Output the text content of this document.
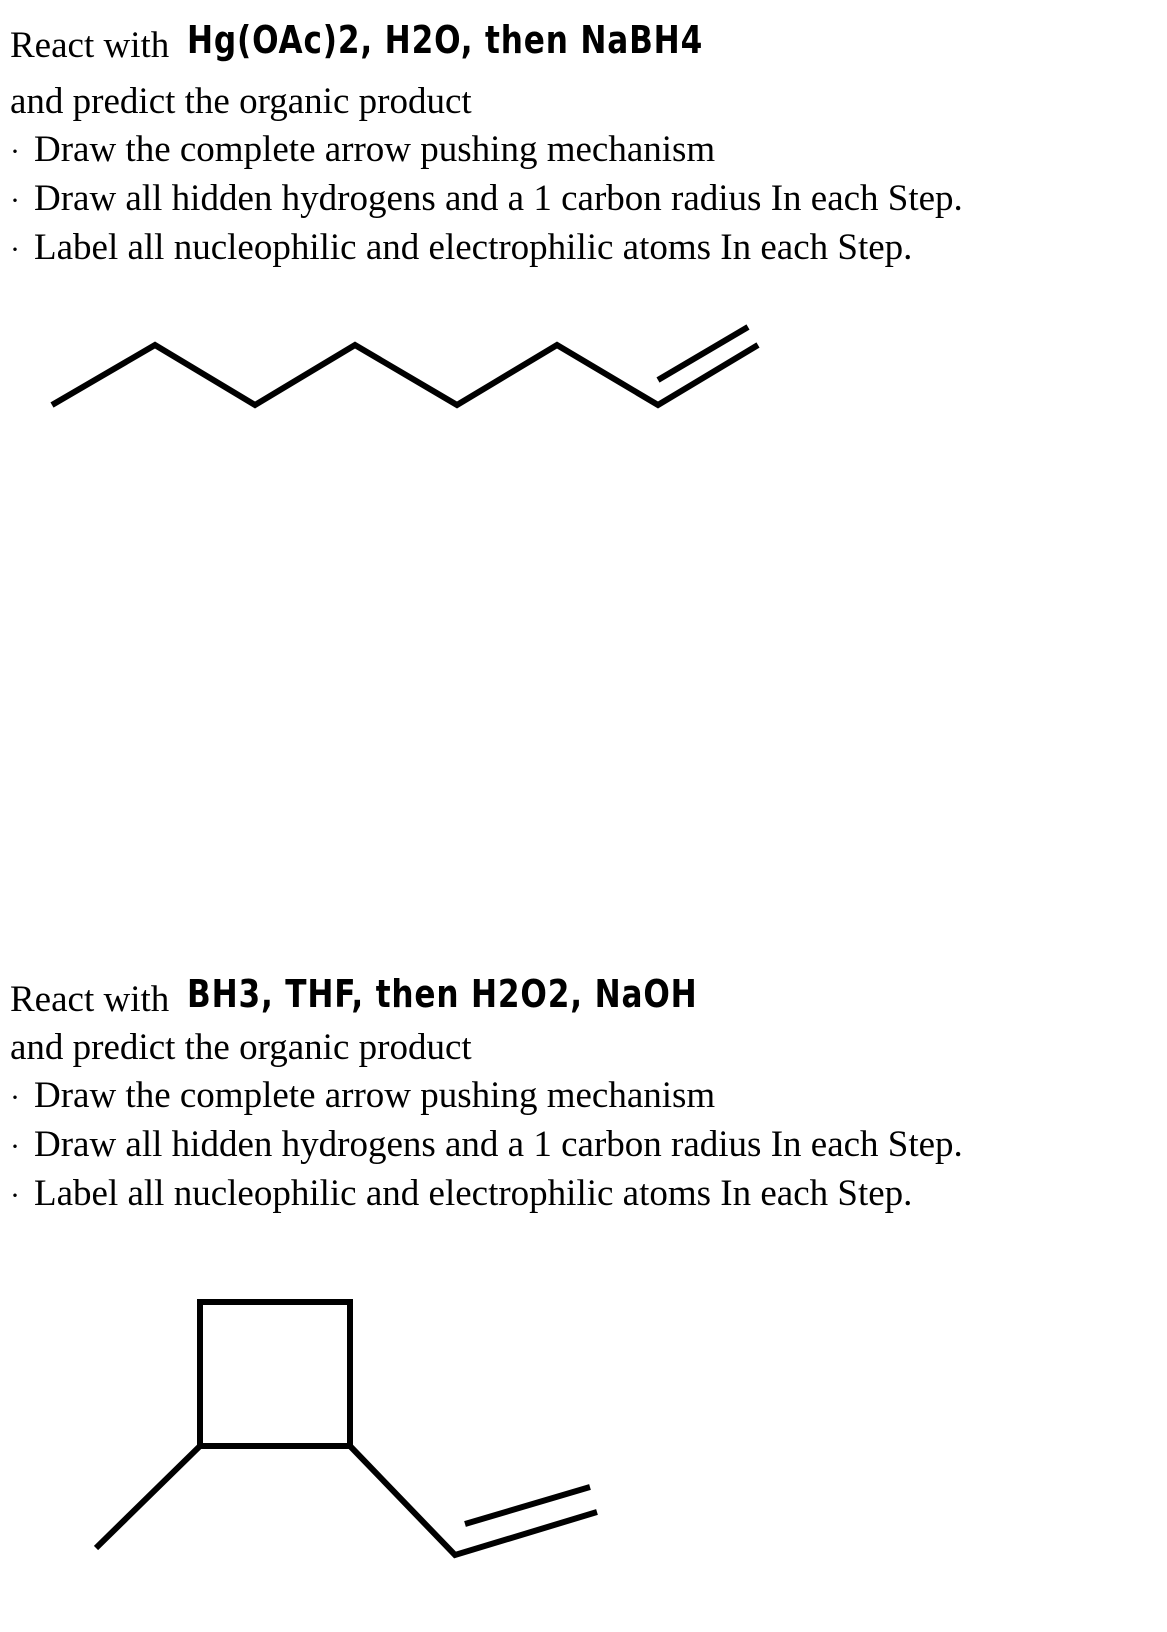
React with Hg(OAc)2, H2O, then NaBH4
and predict the organic product
· Draw the complete arrow pushing mechanism
· Draw all hidden hydrogens and a 1 carbon radius In each Step.
· Label all nucleophilic and electrophilic atoms In each Step.
React with BH3, THF, then H2O2, NaOH
and predict the organic product
· Draw the complete arrow pushing mechanism
· Draw all hidden hydrogens and a 1 carbon radius In each Step.
· Label all nucleophilic and electrophilic atoms In each Step.
